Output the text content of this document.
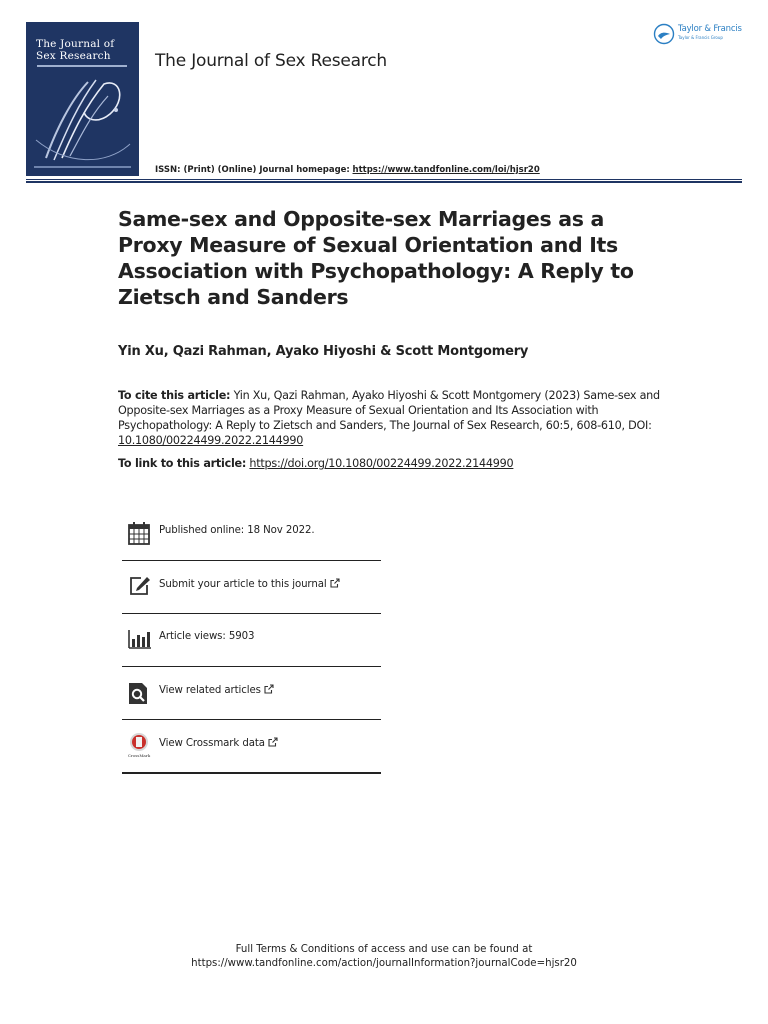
The Journal of Sex Research	The Journal of Sex Research
Taylor & Francis
Taylor & Francis Group
ISSN: (Print) (Online) Journal homepage: https://www.tandfonline.com/loi/hjsr20
Same-sex and Opposite-sex Marriages as a Proxy Measure of Sexual Orientation and Its Association with Psychopathology: A Reply to Zietsch and Sanders
Yin Xu, Qazi Rahman, Ayako Hiyoshi & Scott Montgomery
To cite this article: Yin Xu, Qazi Rahman, Ayako Hiyoshi & Scott Montgomery (2023) Same-sex and Opposite-sex Marriages as a Proxy Measure of Sexual Orientation and Its Association with Psychopathology: A Reply to Zietsch and Sanders, The Journal of Sex Research, 60:5, 608-610, DOI: 10.1080/00224499.2022.2144990
To link to this article: https://doi.org/10.1080/00224499.2022.2144990
Published online: 18 Nov 2022.
Submit your article to this journal
Article views: 5903
View related articles
CrossMark
View Crossmark data
Full Terms & Conditions of access and use can be found at
https://www.tandfonline.com/action/journalInformation?journalCode=hjsr20
